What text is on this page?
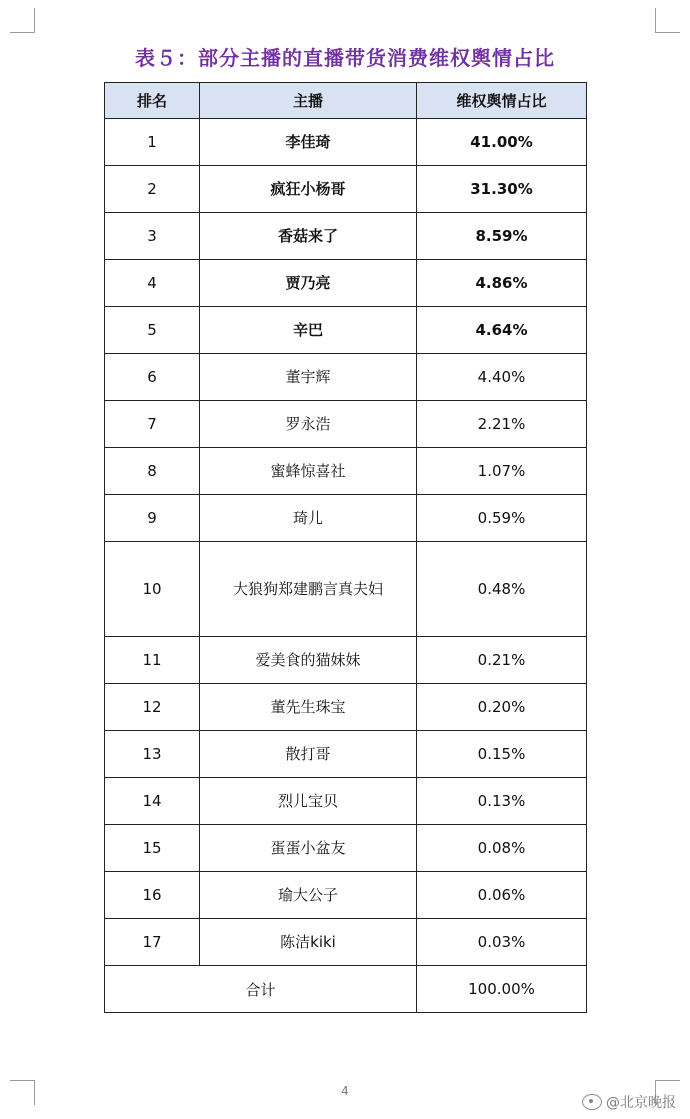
表５：部分主播的直播带货消费维权舆情占比
排名	主播	维权舆情占比
1	李佳琦	41.00%
2	疯狂小杨哥	31.30%
3	香菇来了	8.59%
4	贾乃亮	4.86%
5	辛巴	4.64%
6	董宇辉	4.40%
7	罗永浩	2.21%
8	蜜蜂惊喜社	1.07%
9	琦儿	0.59%
10	大狼狗郑建鹏言真夫妇	0.48%
11	爱美食的猫妹妹	0.21%
12	董先生珠宝	0.20%
13	散打哥	0.15%
14	烈儿宝贝	0.13%
15	蛋蛋小盆友	0.08%
16	瑜大公子	0.06%
17	陈洁kiki	0.03%
合计		100.00%
4
@北京晚报
